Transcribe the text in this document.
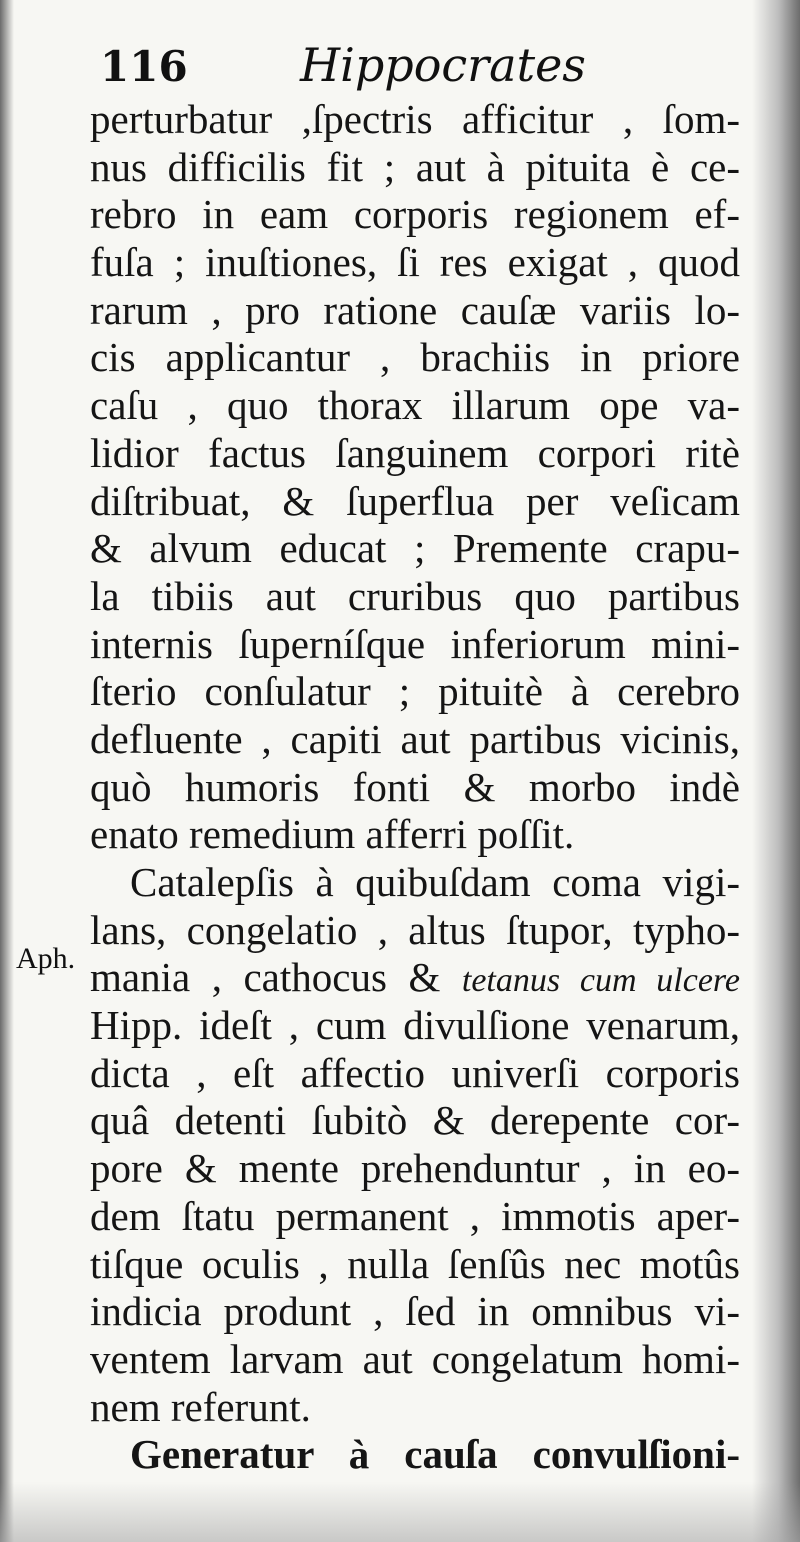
116 Hippocrates
Aph.
perturbatur ,ſpectris afficitur , ſom-
nus difficilis fit ; aut à pituita è ce-
rebro in eam corporis regionem ef-
fuſa ; inuſtiones, ſi res exigat , quod
rarum , pro ratione cauſæ variis lo-
cis applicantur , brachiis in priore
caſu , quo thorax illarum ope va-
lidior factus ſanguinem corpori ritè
diſtribuat, & ſuperflua per veſicam
& alvum educat ; Premente crapu-
la tibiis aut cruribus quo partibus
internis ſuperníſque inferiorum mini-
ſterio conſulatur ; pituitè à cerebro
defluente , capiti aut partibus vicinis,
quò humoris fonti & morbo indè
enato remedium afferri poſſit.
Catalepſis à quibuſdam coma vigi-
lans, congelatio , altus ſtupor, typho-
mania , cathocus & tetanus cum ulcere
Hipp. ideſt , cum divulſione venarum,
dicta , eſt affectio univerſi corporis
quâ detenti ſubitò & derepente cor-
pore & mente prehenduntur , in eo-
dem ſtatu permanent , immotis aper-
tiſque oculis , nulla ſenſûs nec motûs
indicia produnt , ſed in omnibus vi-
ventem larvam aut congelatum homi-
nem referunt.
Generatur à cauſa convulſioni-
